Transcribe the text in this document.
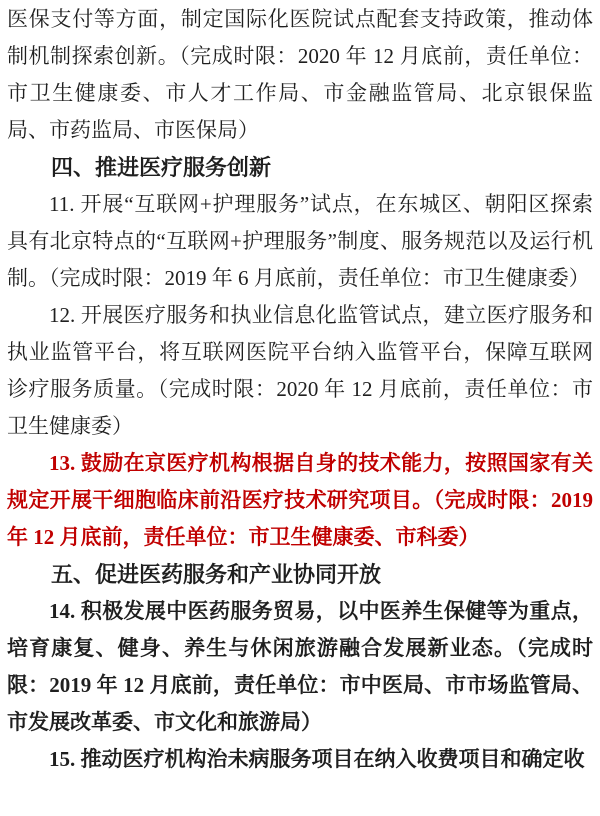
医保支付等方面，制定国际化医院试点配套支持政策，推动体制机制探索创新。（完成时限：2020 年 12 月底前，责任单位：市卫生健康委、市人才工作局、市金融监管局、北京银保监局、市药监局、市医保局）

四、推进医疗服务创新

11. 开展“互联网+护理服务”试点，在东城区、朝阳区探索具有北京特点的“互联网+护理服务”制度、服务规范以及运行机制。（完成时限：2019 年 6 月底前，责任单位：市卫生健康委）

12. 开展医疗服务和执业信息化监管试点，建立医疗服务和执业监管平台，将互联网医院平台纳入监管平台，保障互联网诊疗服务质量。（完成时限：2020 年 12 月底前，责任单位：市卫生健康委）

13. 鼓励在京医疗机构根据自身的技术能力，按照国家有关规定开展干细胞临床前沿医疗技术研究项目。（完成时限：2019 年 12 月底前，责任单位：市卫生健康委、市科委）

五、促进医药服务和产业协同开放

14. 积极发展中医药服务贸易，以中医养生保健等为重点，培育康复、健身、养生与休闲旅游融合发展新业态。（完成时限：2019 年 12 月底前，责任单位：市中医局、市市场监管局、市发展改革委、市文化和旅游局）

15. 推动医疗机构治未病服务项目在纳入收费项目和确定收
